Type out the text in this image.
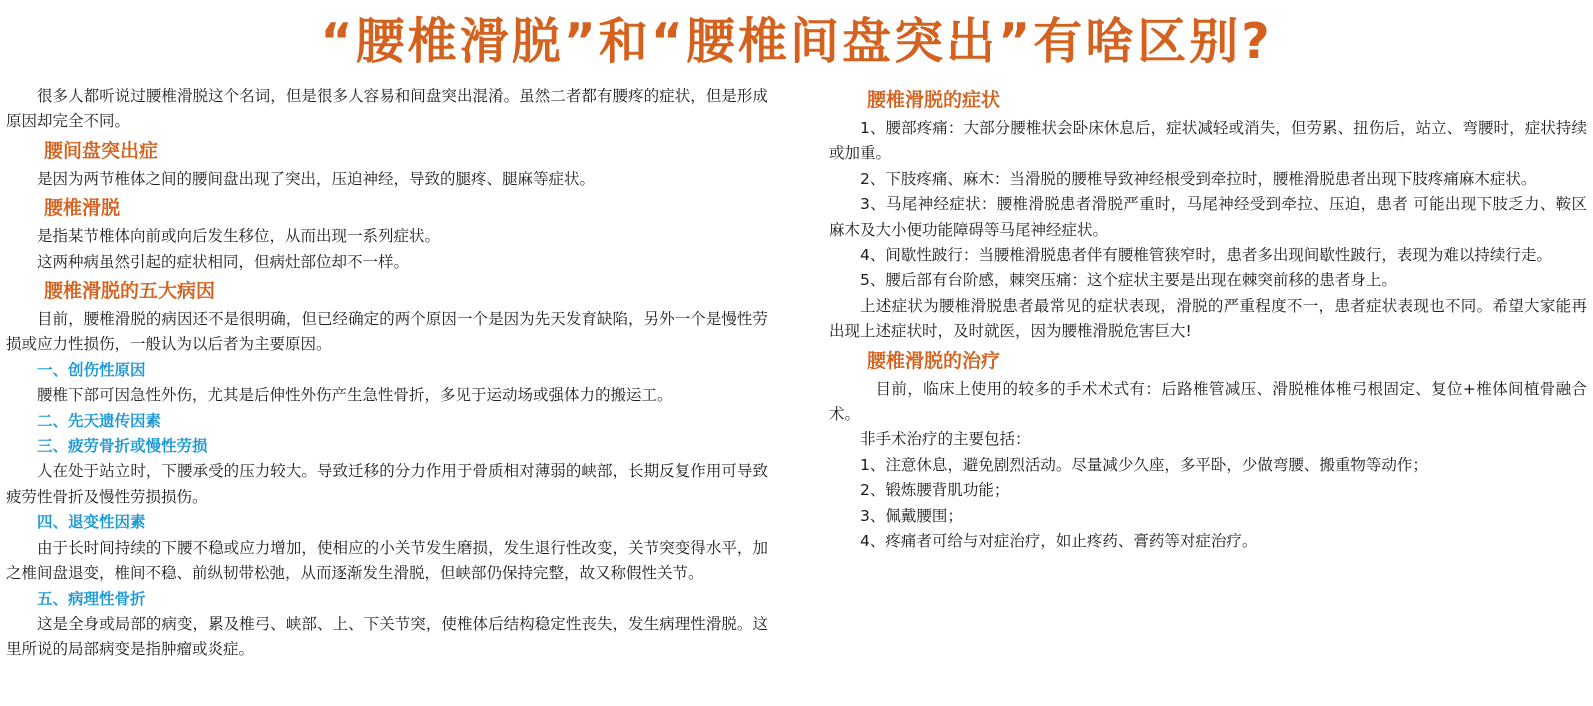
“腰椎滑脱”和“腰椎间盘突出”有啥区别?

很多人都听说过腰椎滑脱这个名词，但是很多人容易和间盘突出混淆。虽然二者都有腰疼的症状，但是形成原因却完全不同。

腰间盘突出症

是因为两节椎体之间的腰间盘出现了突出，压迫神经，导致的腿疼、腿麻等症状。

腰椎滑脱

是指某节椎体向前或向后发生移位，从而出现一系列症状。

这两种病虽然引起的症状相同，但病灶部位却不一样。

腰椎滑脱的五大病因

目前，腰椎滑脱的病因还不是很明确，但已经确定的两个原因一个是因为先天发育缺陷，另外一个是慢性劳损或应力性损伤，一般认为以后者为主要原因。

一、创伤性原因

腰椎下部可因急性外伤，尤其是后伸性外伤产生急性骨折，多见于运动场或强体力的搬运工。

二、先天遗传因素
三、疲劳骨折或慢性劳损

人在处于站立时，下腰承受的压力较大。导致迁移的分力作用于骨质相对薄弱的峡部，长期反复作用可导致疲劳性骨折及慢性劳损损伤。

四、退变性因素

由于长时间持续的下腰不稳或应力增加，使相应的小关节发生磨损，发生退行性改变，关节突变得水平，加之椎间盘退变，椎间不稳、前纵韧带松弛，从而逐渐发生滑脱，但峡部仍保持完整，故又称假性关节。

五、病理性骨折

这是全身或局部的病变，累及椎弓、峡部、上、下关节突，使椎体后结构稳定性丧失，发生病理性滑脱。这里所说的局部病变是指肿瘤或炎症。

腰椎滑脱的症状

1、腰部疼痛：大部分腰椎状会卧床休息后，症状减轻或消失，但劳累、扭伤后，站立、弯腰时，症状持续或加重。

2、下肢疼痛、麻木：当滑脱的腰椎导致神经根受到牵拉时，腰椎滑脱患者出现下肢疼痛麻木症状。

3、马尾神经症状：腰椎滑脱患者滑脱严重时，马尾神经受到牵拉、压迫，患者 可能出现下肢乏力、鞍区麻木及大小便功能障碍等马尾神经症状。

4、间歇性跛行：当腰椎滑脱患者伴有腰椎管狭窄时，患者多出现间歇性跛行，表现为难以持续行走。

5、腰后部有台阶感，棘突压痛：这个症状主要是出现在棘突前移的患者身上。

上述症状为腰椎滑脱患者最常见的症状表现，滑脱的严重程度不一，患者症状表现也不同。希望大家能再出现上述症状时，及时就医，因为腰椎滑脱危害巨大!

腰椎滑脱的治疗

目前，临床上使用的较多的手术术式有：后路椎管减压、滑脱椎体椎弓根固定、复位+椎体间植骨融合术。

非手术治疗的主要包括：

1、注意休息，避免剧烈活动。尽量减少久座，多平卧，少做弯腰、搬重物等动作；

2、锻炼腰背肌功能；

3、佩戴腰围；

4、疼痛者可给与对症治疗，如止疼药、膏药等对症治疗。
